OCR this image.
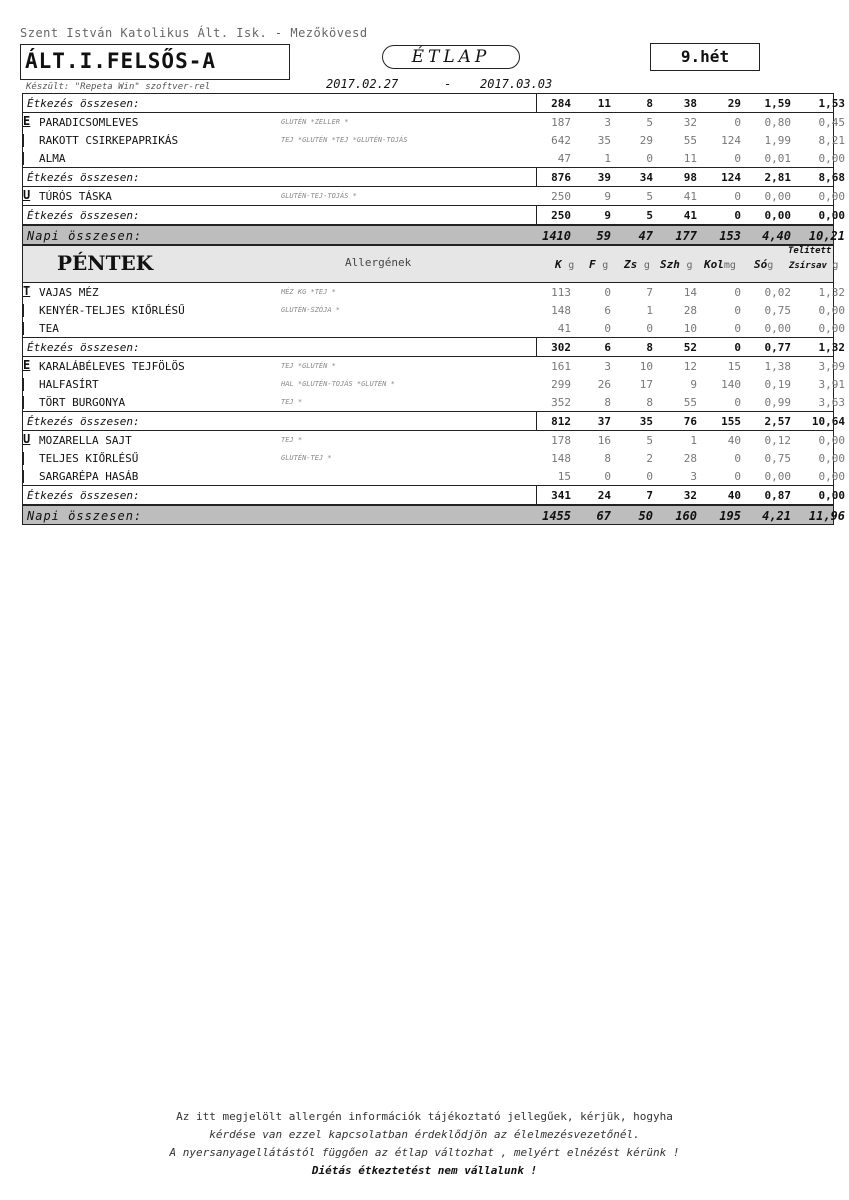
Szent István Katolikus Ált. Isk. - Mezőkövesd
ÁLT.I.FELSŐS-A	ÉTLAP	9.hét
Készült: "Repeta Win" szoftver-rel	2017.02.27	- 2017.03.03
Étkezés összesen:	284	11	8	38	29	1,59	1,53
E PARADICSOMLEVES	GLUTÉN *ZELLER *	187	3	5	32	0	0,80	0,45
RAKOTT CSIRKEPAPRIKÁS	TEJ *GLUTÉN *TEJ *GLUTÉN-TOJÁS	642	35	29	55	124	1,99	8,21
ALMA	47	1	0	11	0	0,01	0,00
Étkezés összesen:	876	39	34	98	124	2,81	8,68
U TÚRÓS TÁSKA	GLUTÉN-TEJ-TOJÁS *	250	9	5	41	0	0,00	0,00
Étkezés összesen:	250	9	5	41	0	0,00	0,00
Napi összesen:	1410	59	47	177	153	4,40	10,21
PÉNTEK	Allergének
Telített
K g F g Zs g Szh g Kolmg Sóg Zsírsav g
T VAJAS MÉZ	MÉZ KG *TEJ *	113	0	7	14	0	0,02	1,32
KENYÉR-TELJES KIŐRLÉSŰ	GLUTÉN-SZÓJA *	148	6	1	28	0	0,75	0,00
TEA	41	0	0	10	0	0,00	0,00
Étkezés összesen:	302	6	8	52	0	0,77	1,32
E KARALÁBÉLEVES TEJFÖLÖS	TEJ *GLUTÉN *	161	3	10	12	15	1,38	3,09
HALFASÍRT	HAL *GLUTÉN-TOJÁS *GLUTÉN *	299	26	17	9	140	0,19	3,91
TÖRT BURGONYA	TEJ *	352	8	8	55	0	0,99	3,63
Étkezés összesen:	812	37	35	76	155	2,57	10,64
U MOZARELLA SAJT	TEJ *	178	16	5	1	40	0,12	0,00
TELJES KIŐRLÉSŰ	GLUTÉN-TEJ *	148	8	2	28	0	0,75	0,00
SARGARÉPA HASÁB	15	0	0	3	0	0,00	0,00
Étkezés összesen:	341	24	7	32	40	0,87	0,00
Napi összesen:	1455	67	50	160	195	4,21	11,96
Az itt megjelölt allergén információk tájékoztató jellegűek, kérjük, hogyha
kérdése van ezzel kapcsolatban érdeklődjön az élelmezésvezetőnél.
A nyersanyagellátástól függően az étlap változhat , melyért elnézést kérünk !
Diétás étkeztetést nem vállalunk !
